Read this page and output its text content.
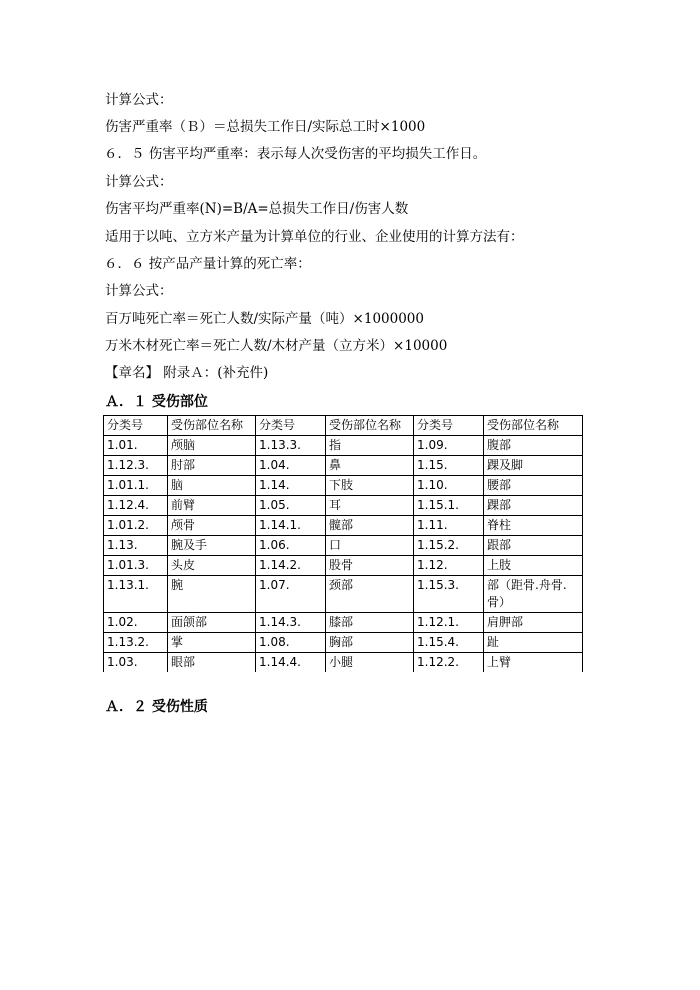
计算公式：
伤害严重率（Ｂ）＝总损失工作日/实际总工时×1000
６．５ 伤害平均严重率：表示每人次受伤害的平均损失工作日。
计算公式：
伤害平均严重率(N)=B/A=总损失工作日/伤害人数
适用于以吨、立方米产量为计算单位的行业、企业使用的计算方法有：
６．６ 按产品产量计算的死亡率：
计算公式：
百万吨死亡率＝死亡人数/实际产量（吨）×1000000
万米木材死亡率＝死亡人数/木材产量（立方米）×10000
【章名】 附录Ａ：(补充件)
Ａ．１ 受伤部位
分类号	受伤部位名称	分类号	受伤部位名称	分类号	受伤部位名称
1.01.	颅脑	1.13.3.	指	1.09.	腹部
1.12.3.	肘部	1.04.	鼻	1.15.	踝及脚
1.01.1.	脑	1.14.	下肢	1.10.	腰部
1.12.4.	前臂	1.05.	耳	1.15.1.	踝部
1.01.2.	颅骨	1.14.1.	髋部	1.11.	脊柱
1.13.	腕及手	1.06.	口	1.15.2.	跟部
1.01.3.	头皮	1.14.2.	股骨	1.12.	上肢
1.13.1.	腕	1.07.	颈部	1.15.3.	部（距骨.舟骨.骨）
1.02.	面颌部	1.14.3.	膝部	1.12.1.	肩胛部
1.13.2.	掌	1.08.	胸部	1.15.4.	趾
1.03.	眼部	1.14.4.	小腿	1.12.2.	上臂
Ａ．２ 受伤性质
